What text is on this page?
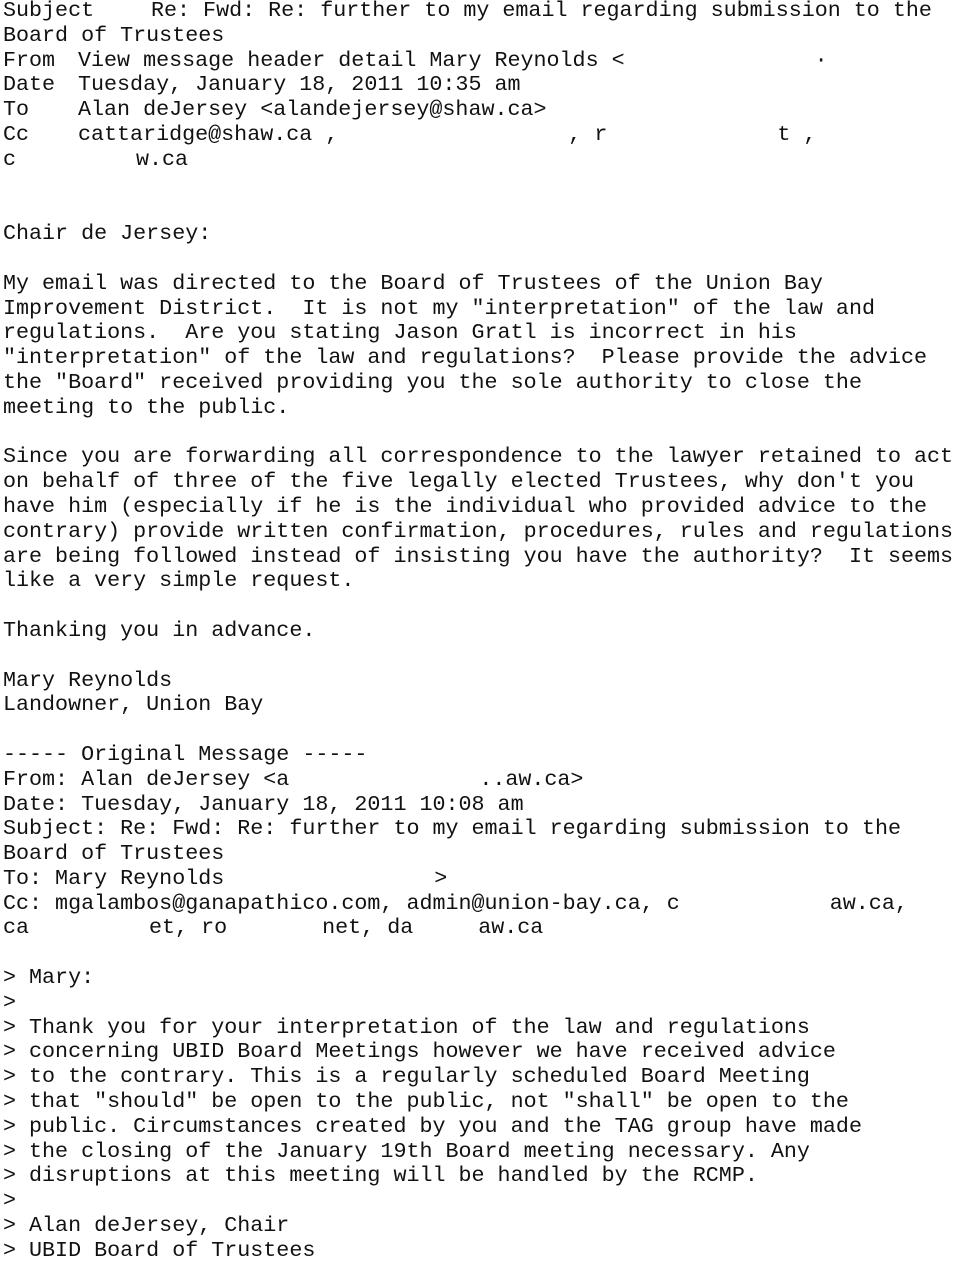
Subject	Re: Fwd: Re: further to my email regarding submission to the
Board of Trustees
From View message header detail Mary Reynolds <	·
Date Tuesday, January 18, 2011 10:35 am
To Alan deJersey <alandejersey@shaw.ca>
Cc cattaridge@shaw.ca ,	, r	t ,
c	w.ca
Chair de Jersey:
My email was directed to the Board of Trustees of the Union Bay
Improvement District.  It is not my "interpretation" of the law and
regulations.  Are you stating Jason Gratl is incorrect in his
"interpretation" of the law and regulations?  Please provide the advice
the "Board" received providing you the sole authority to close the
meeting to the public.
Since you are forwarding all correspondence to the lawyer retained to act
on behalf of three of the five legally elected Trustees, why don't you
have him (especially if he is the individual who provided advice to the
contrary) provide written confirmation, procedures, rules and regulations
are being followed instead of insisting you have the authority?  It seems
like a very simple request.
Thanking you in advance.
Mary Reynolds
Landowner, Union Bay
----- Original Message -----
From: Alan deJersey <a	..aw.ca>
Date: Tuesday, January 18, 2011 10:08 am
Subject: Re: Fwd: Re: further to my email regarding submission to the
Board of Trustees
To: Mary Reynolds	>
Cc: mgalambos@ganapathico.com, admin@union-bay.ca, c	aw.ca,
ca	et, ro	net, da	aw.ca
> Mary:
>
> Thank you for your interpretation of the law and regulations
> concerning UBID Board Meetings however we have received advice
> to the contrary. This is a regularly scheduled Board Meeting
> that "should" be open to the public, not "shall" be open to the
> public. Circumstances created by you and the TAG group have made
> the closing of the January 19th Board meeting necessary. Any
> disruptions at this meeting will be handled by the RCMP.
>
> Alan deJersey, Chair
> UBID Board of Trustees
